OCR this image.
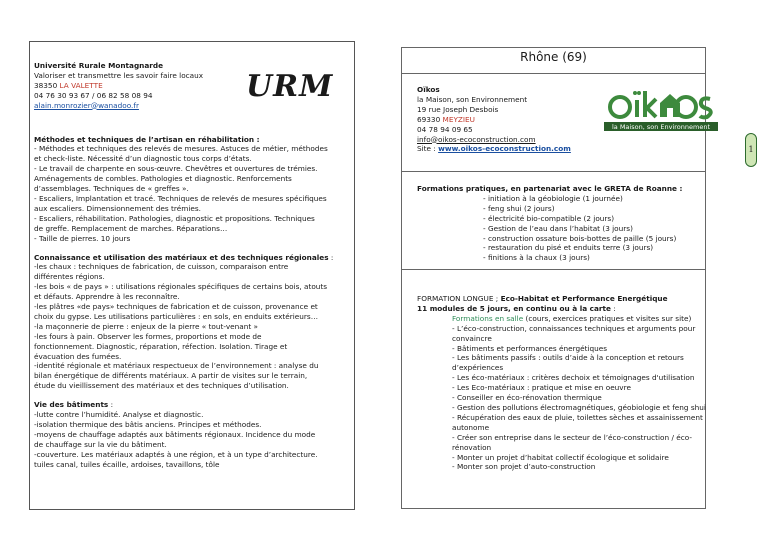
URM

Université Rurale Montagnarde

Valoriser et transmettre les savoir faire locaux

38350 LA VALETTE

04 76 30 93 67 / 06 82 58 08 94

alain.monrozier@wanadoo.fr

Méthodes et techniques de l’artisan en réhabilitation :

- Méthodes et techniques des relevés de mesures. Astuces de métier, méthodes

et check-liste. Nécessité d’un diagnostic tous corps d’états.

- Le travail de charpente en sous-œuvre. Chevêtres et ouvertures de trémies.

Aménagements de combles. Pathologies et diagnostic. Renforcements

d’assemblages. Techniques de « greffes ».

- Escaliers, Implantation et tracé. Techniques de relevés de mesures spécifiques

aux escaliers. Dimensionnement des trémies.

- Escaliers, réhabilitation. Pathologies, diagnostic et propositions. Techniques

de greffe. Remplacement de marches. Réparations…

- Taille de pierres. 10 jours

Connaissance et utilisation des matériaux et des techniques régionales :

-les chaux : techniques de fabrication, de cuisson, comparaison entre

différentes régions.

-les bois « de pays » : utilisations régionales spécifiques de certains bois, atouts

et défauts. Apprendre à les reconnaître.

-les plâtres «de pays» techniques de fabrication et de cuisson, provenance et

choix du gypse. Les utilisations particulières : en sols, en enduits extérieurs…

-la maçonnerie de pierre : enjeux de la pierre « tout-venant »

-les fours à pain. Observer les formes, proportions et mode de

fonctionnement. Diagnostic, réparation, réfection. Isolation. Tirage et

évacuation des fumées.

-identité régionale et matériaux respectueux de l’environnement : analyse du

bilan énergétique de différents matériaux. A partir de visites sur le terrain,

étude du vieillissement des matériaux et des techniques d’utilisation.

Vie des bâtiments :

-lutte contre l’humidité. Analyse et diagnostic.

-isolation thermique des bâtis anciens. Principes et méthodes.

-moyens de chauffage adaptés aux bâtiments régionaux. Incidence du mode

de chauffage sur la vie du bâtiment.

-couverture. Les matériaux adaptés à une région, et à un type d’architecture.

tuiles canal, tuiles écaille, ardoises, tavaillons, tôle

Rhône (69)

Oïkos

la Maison, son Environnement

19 rue Joseph Desbois

69330 MEYZIEU

04 78 94 09 65

info@oikos-ecoconstruction.com

Site : www.oikos-ecoconstruction.com

la Maison, son Environnement
1

Formations pratiques, en partenariat avec le GRETA de Roanne :

- initiation à la géobiologie (1 journée)

- feng shui (2 jours)

- électricité bio-compatible (2 jours)

- Gestion de l’eau dans l’habitat (3 jours)

- construction ossature bois-bottes de paille (5 jours)

- restauration du pisé et enduits terre (3 jours)

- finitions à la chaux (3 jours)

FORMATION LONGUE ; Eco-Habitat et Performance Energétique

11 modules de 5 jours, en continu ou à la carte :

Formations en salle (cours, exercices pratiques et visites sur site)

- L’éco-construction, connaissances techniques et arguments pour

convaincre

- Bâtiments et performances énergétiques

- Les bâtiments passifs : outils d’aide à la conception et retours

d’expériences

- Les éco-matériaux : critères dechoix et témoignages d'utilisation

- Les Eco-matériaux : pratique et mise en oeuvre

- Conseiller en éco-rénovation thermique

- Gestion des pollutions électromagnétiques, géobiologie et feng shui

- Récupération des eaux de pluie, toilettes sèches et assainissement

autonome

- Créer son entreprise dans le secteur de l’éco-construction / éco-

rénovation

- Monter un projet d’habitat collectif écologique et solidaire

- Monter son projet d’auto-construction
